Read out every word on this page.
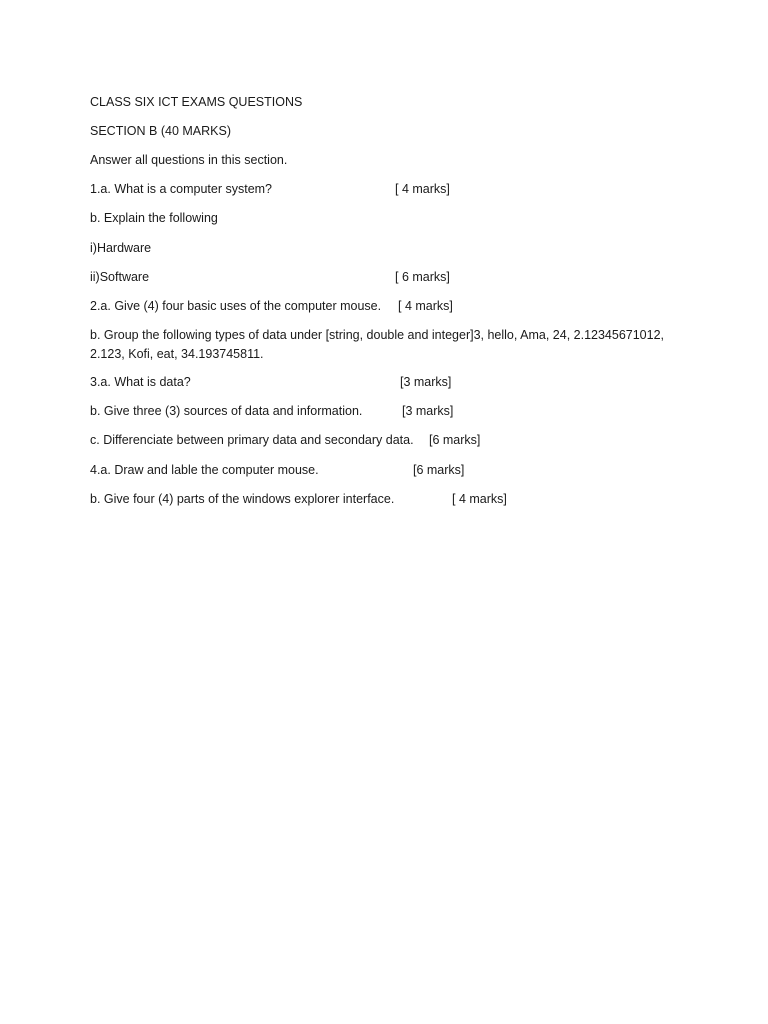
CLASS SIX ICT EXAMS QUESTIONS
SECTION B (40 MARKS)
Answer all questions in this section.
1.a. What is a computer system?	[ 4 marks]
b. Explain the following
i)Hardware
ii)Software	[ 6 marks]
2.a. Give (4) four basic uses of the computer mouse. [ 4 marks]
b. Group the following types of data under [string, double and integer]3, hello, Ama, 24, 2.12345671012,
2.123, Kofi, eat, 34.193745811.
3.a. What is data?	[3 marks]
b. Give three (3) sources of data and information.	[3 marks]
c. Differenciate between primary data and secondary data. [6 marks]
4.a. Draw and lable the computer mouse.	[6 marks]
b. Give four (4) parts of the windows explorer interface.	[ 4 marks]
